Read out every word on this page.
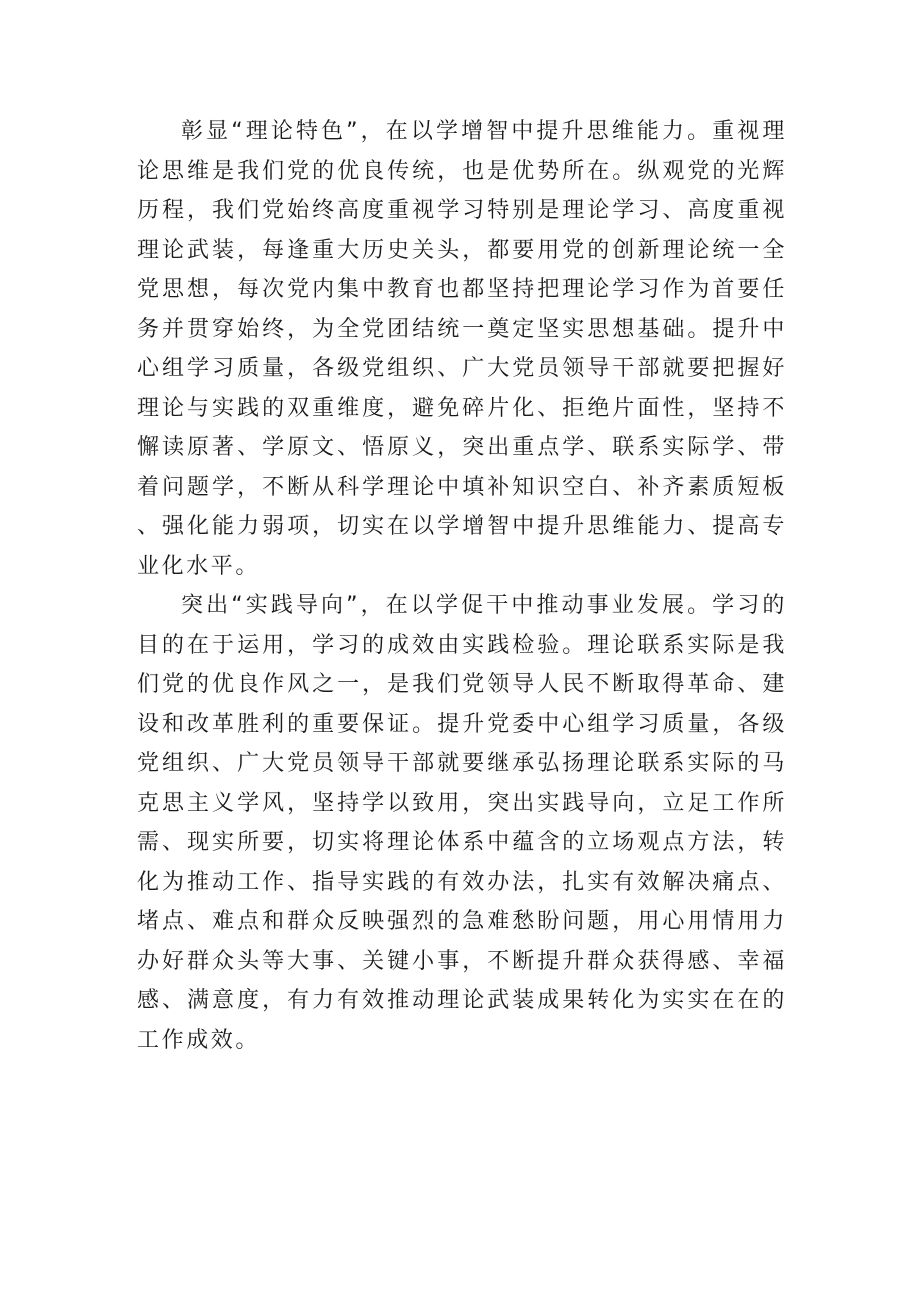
彰显“理论特色”，在以学增智中提升思维能力。重视理论思维是我们党的优良传统，也是优势所在。纵观党的光辉历程，我们党始终高度重视学习特别是理论学习、高度重视理论武装，每逢重大历史关头，都要用党的创新理论统一全党思想，每次党内集中教育也都坚持把理论学习作为首要任务并贯穿始终，为全党团结统一奠定坚实思想基础。提升中心组学习质量，各级党组织、广大党员领导干部就要把握好理论与实践的双重维度，避免碎片化、拒绝片面性，坚持不懈读原著、学原文、悟原义，突出重点学、联系实际学、带着问题学，不断从科学理论中填补知识空白、补齐素质短板、强化能力弱项，切实在以学增智中提升思维能力、提高专业化水平。

突出“实践导向”，在以学促干中推动事业发展。学习的目的在于运用，学习的成效由实践检验。理论联系实际是我们党的优良作风之一，是我们党领导人民不断取得革命、建设和改革胜利的重要保证。提升党委中心组学习质量，各级党组织、广大党员领导干部就要继承弘扬理论联系实际的马克思主义学风，坚持学以致用，突出实践导向，立足工作所需、现实所要，切实将理论体系中蕴含的立场观点方法，转化为推动工作、指导实践的有效办法，扎实有效解决痛点、堵点、难点和群众反映强烈的急难愁盼问题，用心用情用力办好群众头等大事、关键小事，不断提升群众获得感、幸福感、满意度，有力有效推动理论武装成果转化为实实在在的工作成效。
